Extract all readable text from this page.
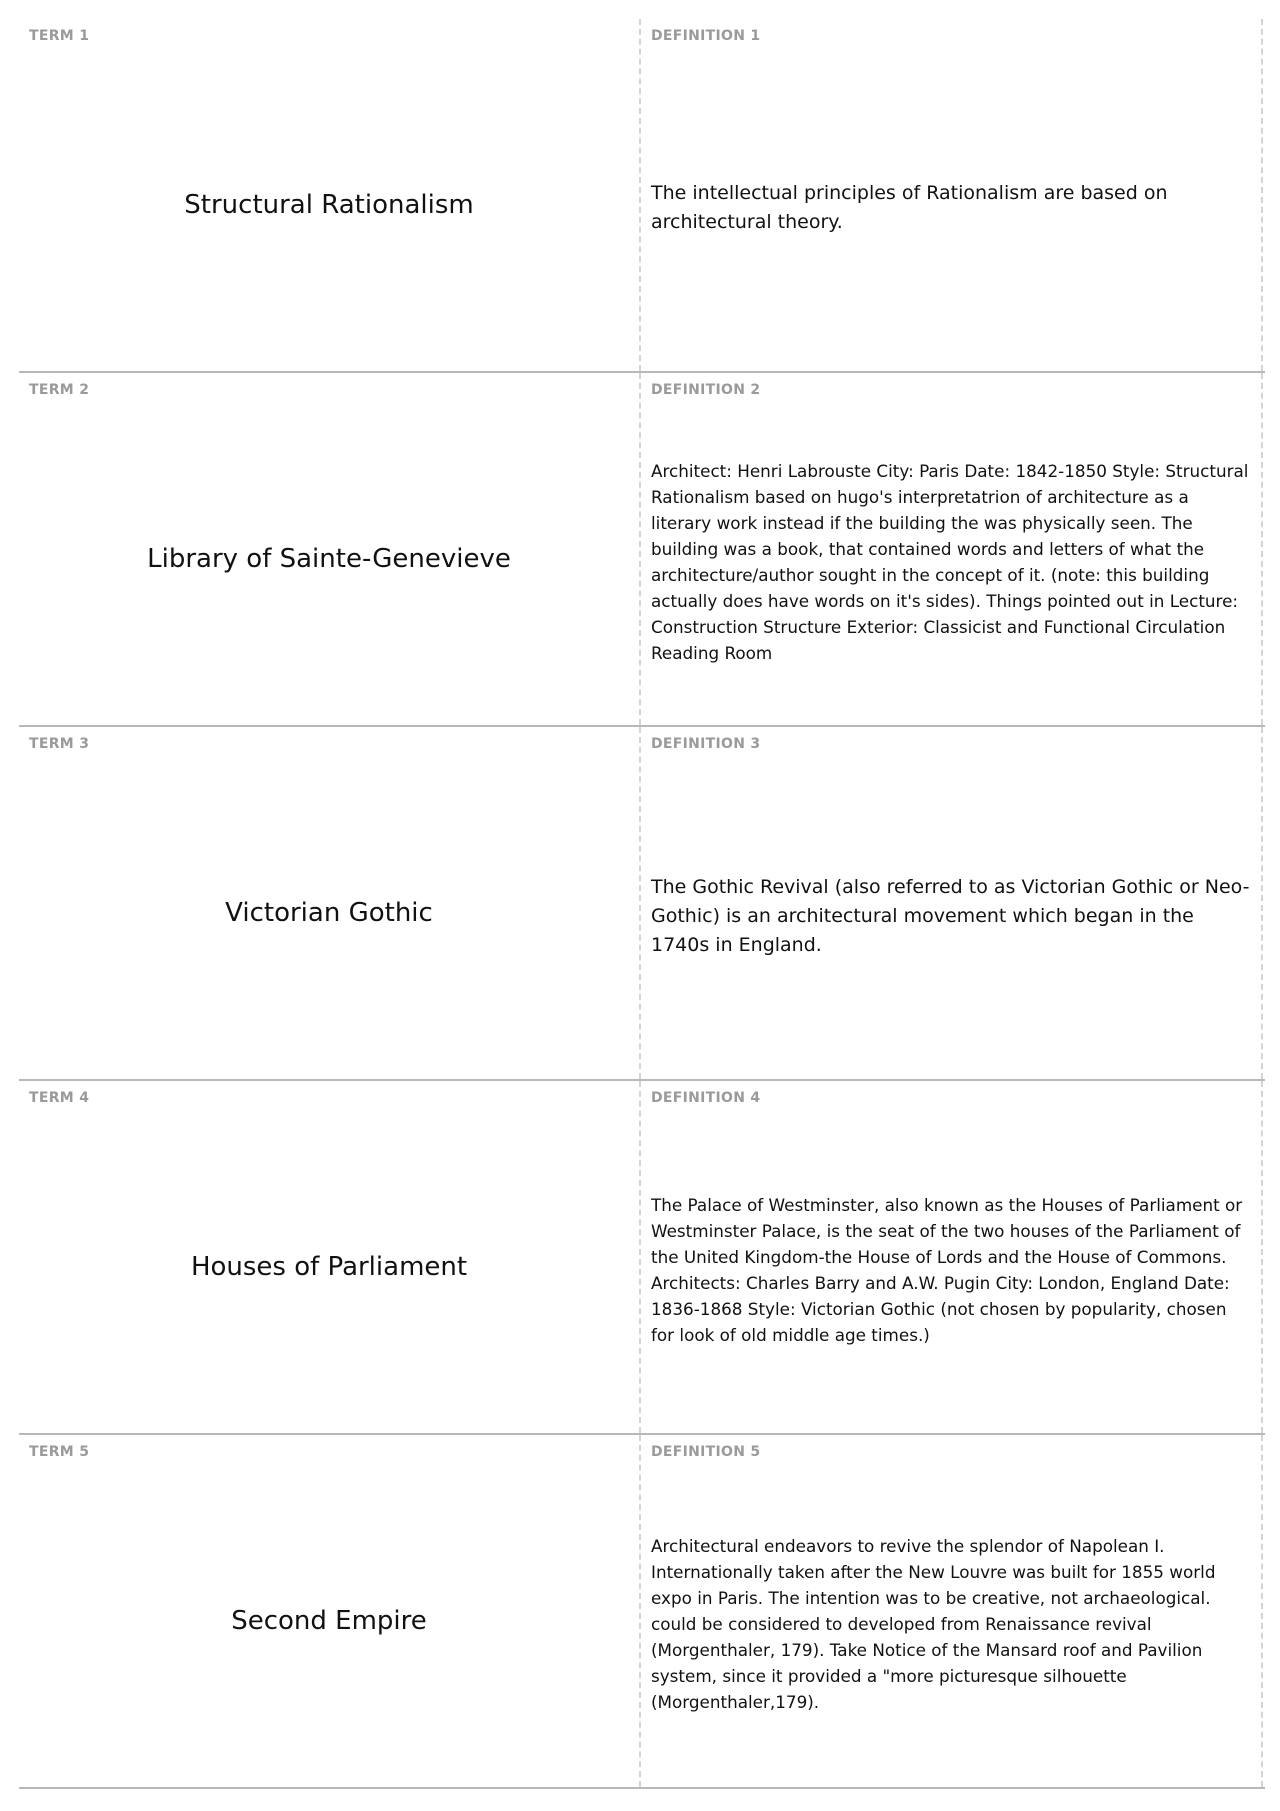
TERM 1
Structural Rationalism
DEFINITION 1
The intellectual principles of Rationalism are based on architectural theory.
TERM 2
Library of Sainte-Genevieve
DEFINITION 2
Architect: Henri Labrouste City: Paris Date: 1842-1850 Style: Structural Rationalism based on hugo's interpretatrion of architecture as a literary work instead if the building the was physically seen. The building was a book, that contained words and letters of what the architecture/author sought in the concept of it. (note: this building actually does have words on it's sides). Things pointed out in Lecture: Construction Structure Exterior: Classicist and Functional Circulation Reading Room
TERM 3
Victorian Gothic
DEFINITION 3
The Gothic Revival (also referred to as Victorian Gothic or Neo-Gothic) is an architectural movement which began in the 1740s in England.
TERM 4
Houses of Parliament
DEFINITION 4
The Palace of Westminster, also known as the Houses of Parliament or Westminster Palace, is the seat of the two houses of the Parliament of the United Kingdom-the House of Lords and the House of Commons. Architects: Charles Barry and A.W. Pugin City: London, England Date: 1836-1868 Style: Victorian Gothic (not chosen by popularity, chosen for look of old middle age times.)
TERM 5
Second Empire
DEFINITION 5
Architectural endeavors to revive the splendor of Napolean I. Internationally taken after the New Louvre was built for 1855 world expo in Paris. The intention was to be creative, not archaeological. could be considered to developed from Renaissance revival (Morgenthaler, 179). Take Notice of the Mansard roof and Pavilion system, since it provided a "more picturesque silhouette (Morgenthaler,179).
